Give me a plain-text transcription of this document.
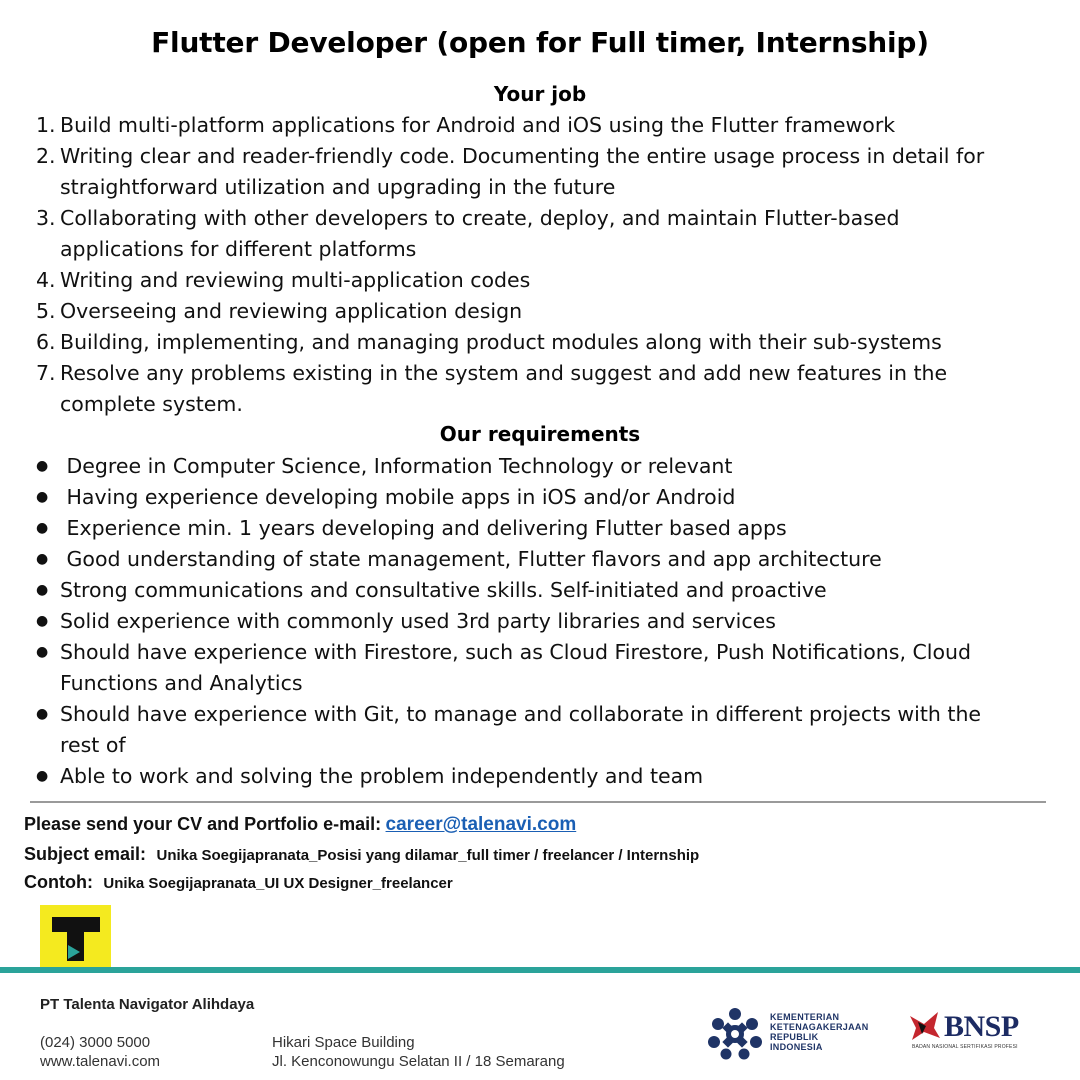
Flutter Developer (open for Full timer, Internship)
Your job
1. Build multi-platform applications for Android and iOS using the Flutter framework
2. Writing clear and reader-friendly code. Documenting the entire usage process in detail for
straightforward utilization and upgrading in the future
3. Collaborating with other developers to create, deploy, and maintain Flutter-based
applications for different platforms
4. Writing and reviewing multi-application codes
5. Overseeing and reviewing application design
6. Building, implementing, and managing product modules along with their sub-systems
7. Resolve any problems existing in the system and suggest and add new features in the
complete system.
Our requirements
● Degree in Computer Science, Information Technology or relevant
● Having experience developing mobile apps in iOS and/or Android
● Experience min. 1 years developing and delivering Flutter based apps
● Good understanding of state management, Flutter flavors and app architecture
● Strong communications and consultative skills. Self-initiated and proactive
● Solid experience with commonly used 3rd party libraries and services
● Should have experience with Firestore, such as Cloud Firestore, Push Notifications, Cloud
Functions and Analytics
● Should have experience with Git, to manage and collaborate in different projects with the
rest of
● Able to work and solving the problem independently and team
Please send your CV and Portfolio e-mail: career@talenavi.com
Subject email: Unika Soegijapranata_Posisi yang dilamar_full timer / freelancer / Internship
Contoh: Unika Soegijapranata_UI UX Designer_freelancer
PT Talenta Navigator Alihdaya
(024) 3000 5000
www.talenavi.com
Hikari Space Building
Jl. Kenconowungu Selatan II / 18 Semarang
KEMENTERIAN
KETENAGAKERJAAN
REPUBLIK
INDONESIA
BNSP
BADAN NASIONAL SERTIFIKASI PROFESI
